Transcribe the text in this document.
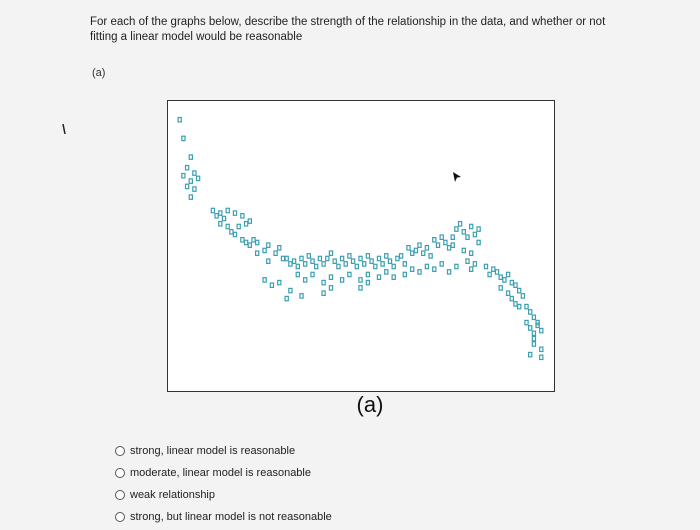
For each of the graphs below, describe the strength of the relationship in the data, and whether or not fitting a linear model would be reasonable
(a)
(a)
strong, linear model is reasonable
moderate, linear model is reasonable
weak relationship
strong, but linear model is not reasonable
